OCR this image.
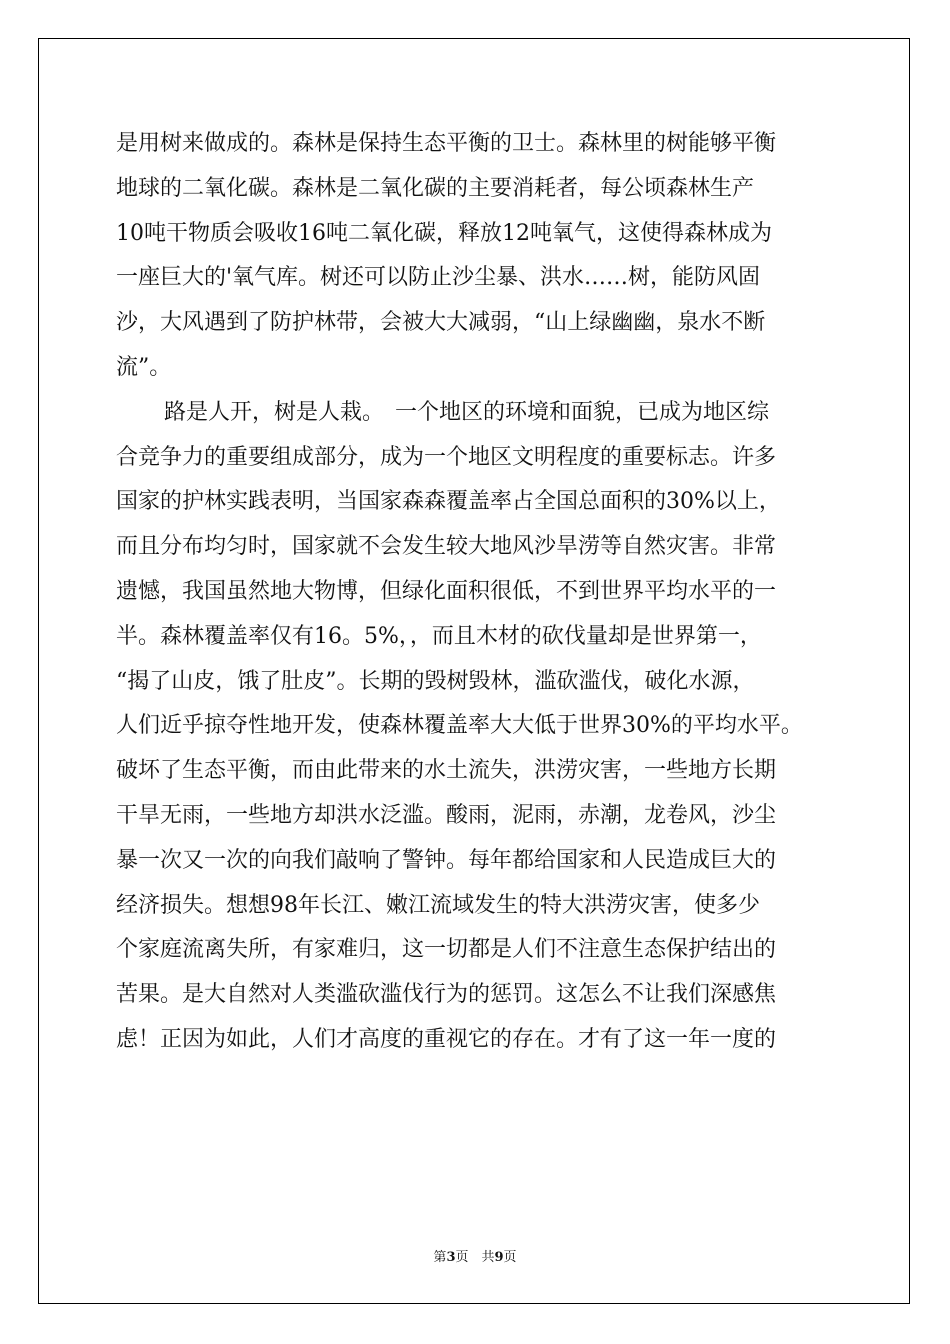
是用树来做成的。森林是保持生态平衡的卫士。森林里的树能够平衡
地球的二氧化碳。森林是二氧化碳的主要消耗者，每公顷森林生产
10吨干物质会吸收16吨二氧化碳，释放12吨氧气，这使得森林成为
一座巨大的'氧气库。树还可以防止沙尘暴、洪水……树，能防风固
沙，大风遇到了防护林带，会被大大减弱，“山上绿幽幽，泉水不断
流”。
路是人开，树是人栽。　一个地区的环境和面貌，已成为地区综
合竞争力的重要组成部分，成为一个地区文明程度的重要标志。许多
国家的护林实践表明，当国家森森覆盖率占全国总面积的30%以上，
而且分布均匀时，国家就不会发生较大地风沙旱涝等自然灾害。非常
遗憾，我国虽然地大物博，但绿化面积很低，不到世界平均水平的一
半。森林覆盖率仅有16。5%，，而且木材的砍伐量却是世界第一，
“揭了山皮，饿了肚皮”。长期的毁树毁林，滥砍滥伐，破化水源，
人们近乎掠夺性地开发，使森林覆盖率大大低于世界30%的平均水平。
破坏了生态平衡，而由此带来的水土流失，洪涝灾害，一些地方长期
干旱无雨，一些地方却洪水泛滥。酸雨，泥雨，赤潮，龙卷风，沙尘
暴一次又一次的向我们敲响了警钟。每年都给国家和人民造成巨大的
经济损失。想想98年长江、嫩江流域发生的特大洪涝灾害，使多少
个家庭流离失所，有家难归，这一切都是人们不注意生态保护结出的
苦果。是大自然对人类滥砍滥伐行为的惩罚。这怎么不让我们深感焦
虑！正因为如此，人们才高度的重视它的存在。才有了这一年一度的
第3页　共9页
